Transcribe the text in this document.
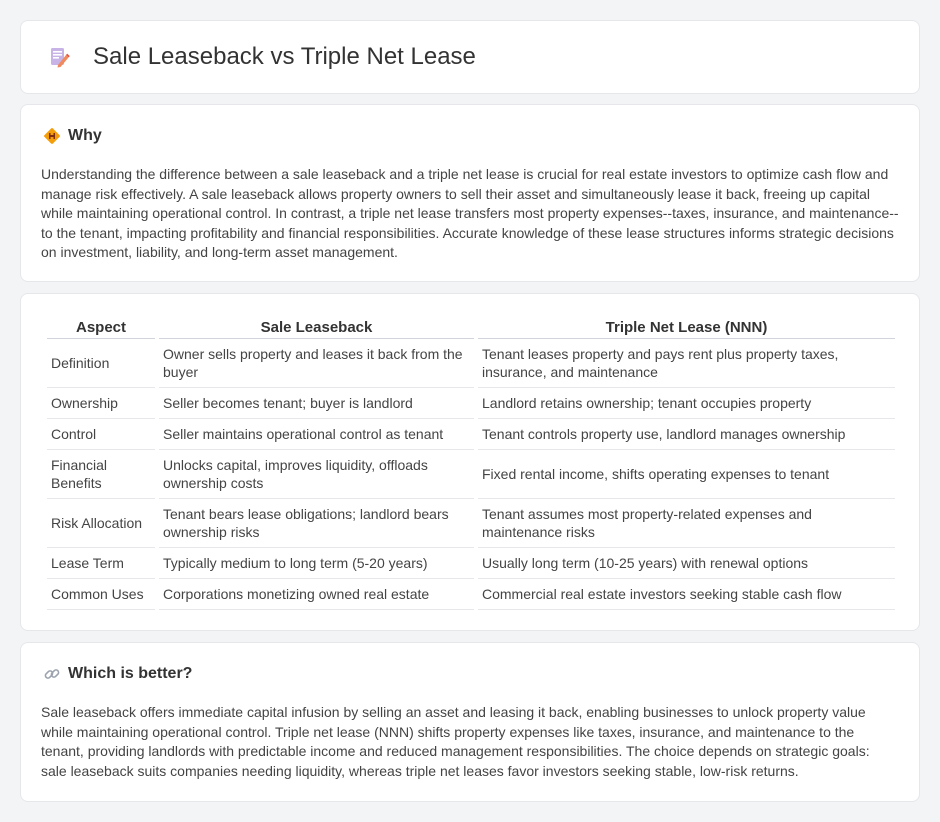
Sale Leaseback vs Triple Net Lease
Why

Understanding the difference between a sale leaseback and a triple net lease is crucial for real estate investors to optimize cash flow and manage risk effectively. A sale leaseback allows property owners to sell their asset and simultaneously lease it back, freeing up capital while maintaining operational control. In contrast, a triple net lease transfers most property expenses--taxes, insurance, and maintenance--to the tenant, impacting profitability and financial responsibilities. Accurate knowledge of these lease structures informs strategic decisions on investment, liability, and long-term asset management.

Aspect	Sale Leaseback	Triple Net Lease (NNN)
Definition	Owner sells property and leases it back from the buyer	Tenant leases property and pays rent plus property taxes, insurance, and maintenance
Ownership	Seller becomes tenant; buyer is landlord	Landlord retains ownership; tenant occupies property
Control	Seller maintains operational control as tenant	Tenant controls property use, landlord manages ownership
Financial Benefits	Unlocks capital, improves liquidity, offloads ownership costs	Fixed rental income, shifts operating expenses to tenant
Risk Allocation	Tenant bears lease obligations; landlord bears ownership risks	Tenant assumes most property-related expenses and maintenance risks
Lease Term	Typically medium to long term (5-20 years)	Usually long term (10-25 years) with renewal options
Common Uses	Corporations monetizing owned real estate	Commercial real estate investors seeking stable cash flow
Which is better?

Sale leaseback offers immediate capital infusion by selling an asset and leasing it back, enabling businesses to unlock property value while maintaining operational control. Triple net lease (NNN) shifts property expenses like taxes, insurance, and maintenance to the tenant, providing landlords with predictable income and reduced management responsibilities. The choice depends on strategic goals: sale leaseback suits companies needing liquidity, whereas triple net leases favor investors seeking stable, low-risk returns.
